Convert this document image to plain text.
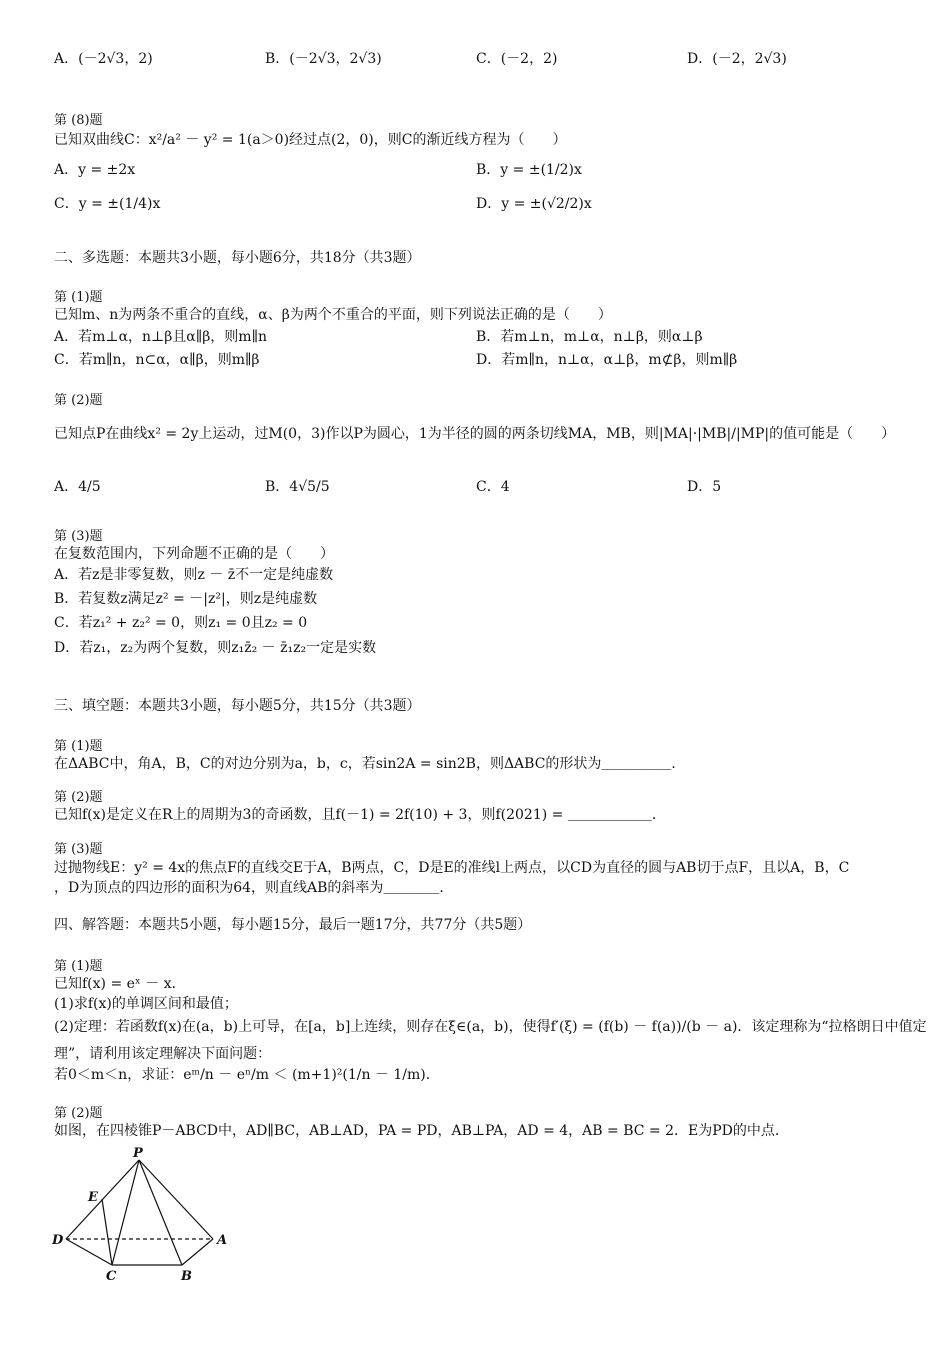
A．(－2√3，2)	B．(－2√3，2√3)	C．(－2，2)	D．(－2，2√3)
第 (8)题
已知双曲线C：x²/a² － y² = 1(a＞0)经过点(2，0)，则C的渐近线方程为（　　）
A．y = ±2x	B．y = ±(1/2)x
C．y = ±(1/4)x	D．y = ±(√2/2)x
二、多选题：本题共3小题，每小题6分，共18分（共3题）
第 (1)题
已知m、n为两条不重合的直线，α、β为两个不重合的平面，则下列说法正确的是（　　）
A．若m⊥α，n⊥β且α∥β，则m∥n	B．若m⊥n，m⊥α，n⊥β，则α⊥β
C．若m∥n，n⊂α，α∥β，则m∥β	D．若m∥n，n⊥α，α⊥β，m⊄β，则m∥β
第 (2)题
已知点P在曲线x² = 2y上运动，过M(0，3)作以P为圆心，1为半径的圆的两条切线MA，MB，则|MA|·|MB|/|MP|的值可能是（　　）
A．4/5	B．4√5/5	C．4	D．5
第 (3)题
在复数范围内，下列命题不正确的是（　　）
A．若z是非零复数，则z － z̄不一定是纯虚数
B．若复数z满足z² = －|z²|，则z是纯虚数
C．若z₁² + z₂² = 0，则z₁ = 0且z₂ = 0
D．若z₁，z₂为两个复数，则z₁z̄₂ － z̄₁z₂一定是实数
三、填空题：本题共3小题，每小题5分，共15分（共3题）
第 (1)题
在ΔABC中，角A，B，C的对边分别为a，b，c，若sin2A = sin2B，则ΔABC的形状为＿＿＿＿＿．
第 (2)题
已知f(x)是定义在R上的周期为3的奇函数，且f(－1) = 2f(10) + 3，则f(2021) = ＿＿＿＿＿＿．
第 (3)题
过抛物线E：y² = 4x的焦点F的直线交E于A，B两点，C，D是E的准线l上两点，以CD为直径的圆与AB切于点F，且以A，B，C
，D为顶点的四边形的面积为64，则直线AB的斜率为＿＿＿＿．
四、解答题：本题共5小题，每小题15分，最后一题17分，共77分（共5题）
第 (1)题
已知f(x) = eˣ － x．
(1)求f(x)的单调区间和最值；
(2)定理：若函数f(x)在(a，b)上可导，在[a，b]上连续，则存在ξ∈(a，b)，使得f′(ξ) = (f(b) － f(a))/(b － a)．该定理称为“拉格朗日中值定
理”，请利用该定理解决下面问题：
若0＜m＜n，求证：eᵐ/n － eⁿ/m ＜ (m+1)²(1/n － 1/m)．
第 (2)题
如图，在四棱锥P－ABCD中，AD∥BC，AB⊥AD，PA = PD，AB⊥PA，AD = 4，AB = BC = 2．E为PD的中点．
P
E
D	A
C	B
